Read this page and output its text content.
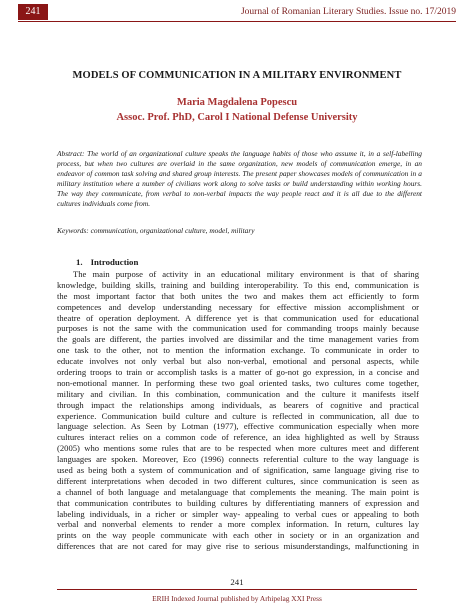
241	Journal of Romanian Literary Studies. Issue no. 17/2019
MODELS OF COMMUNICATION IN A MILITARY ENVIRONMENT
Maria Magdalena Popescu
Assoc. Prof. PhD, Carol I National Defense University
Abstract: The world of an organizational culture speaks the language habits of those who assume it, in a self-labelling process, but when two cultures are overlaid in the same organization, new models of communication emerge, in an endeavor of common task solving and shared group interests. The present paper showcases models of communication in a military institution where a number of civilians work along to solve tasks or build understanding within working hours. The way they communicate, from verbal to non-verbal impacts the way people react and it is all due to the different cultures individuals come from.
Keywords: communication, organizational culture, model, military
1. Introduction
The main purpose of activity in an educational military environment is that of sharing
knowledge, building skills, training and building interoperability. To this end, communication is
the most important factor that both unites the two and makes them act efficiently to form
competences and develop understanding necessary for effective mission accomplishment or
theatre of operation deployment. A difference yet is that communication used for educational
purposes is not the same with the communication used for commanding troops mainly because
the goals are different, the parties involved are dissimilar and the time management varies from
one task to the other, not to mention the information exchange. To communicate in order to
educate involves not only verbal but also non-verbal, emotional and personal aspects, while
ordering troops to train or accomplish tasks is a matter of go-not go expression, in a concise and
non-emotional manner. In performing these two goal oriented tasks, two cultures come together,
military and civilian. In this combination, communication and the culture it manifests itself
through impact the relationships among individuals, as bearers of cognitive and practical
experience. Communication build culture and culture is reflected in communication, all due to
language selection. As Seen by Lotman (1977), effective communication especially when more
cultures interact relies on a common code of reference, an idea highlighted as well by Strauss
(2005) who mentions some rules that are to be respected when more cultures meet and different
languages are spoken. Moreover, Eco (1996) connects referential culture to the way language is
used as being both a system of communication and of signification, same language giving rise to
different interpretations when decoded in two different cultures, since communication is seen as
a channel of both language and metalanguage that complements the meaning. The main point is
that communication contributes to building cultures by differentiating manners of expression and
labeling individuals, in a richer or simpler way- appealing to verbal cues or appealing to both
verbal and nonverbal elements to render a more complex information. In return, cultures lay
prints on the way people communicate with each other in society or in an organization and
differences that are not cared for may give rise to serious misunderstandings, malfunctioning in
241
ERIH Indexed Journal published by Arhipelag XXI Press
